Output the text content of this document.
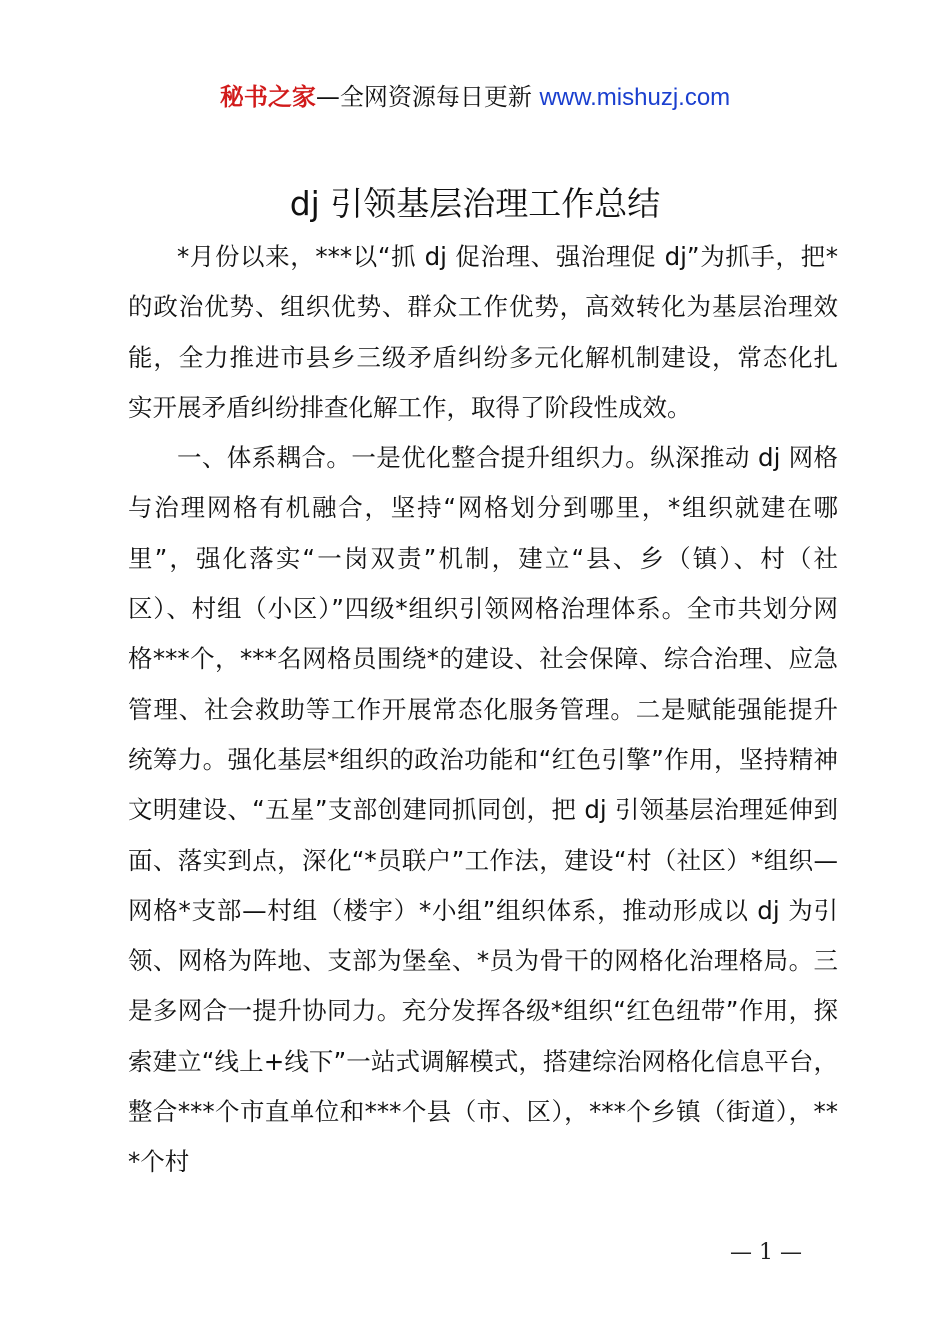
秘书之家—全网资源每日更新 www.mishuzj.com
dj 引领基层治理工作总结

*月份以来，***以“抓 dj 促治理、强治理促 dj”为抓手，把*的政治优势、组织优势、群众工作优势，高效转化为基层治理效能，全力推进市县乡三级矛盾纠纷多元化解机制建设，常态化扎实开展矛盾纠纷排查化解工作，取得了阶段性成效。

一、体系耦合。一是优化整合提升组织力。纵深推动 dj 网格与治理网格有机融合，坚持“网格划分到哪里，*组织就建在哪里”，强化落实“一岗双责”机制，建立“县、乡（镇）、村（社区）、村组（小区）”四级*组织引领网格治理体系。全市共划分网格***个，***名网格员围绕*的建设、社会保障、综合治理、应急管理、社会救助等工作开展常态化服务管理。二是赋能强能提升统筹力。强化基层*组织的政治功能和“红色引擎”作用，坚持精神文明建设、“五星”支部创建同抓同创，把 dj 引领基层治理延伸到面、落实到点，深化“*员联户”工作法，建设“村（社区）*组织—网格*支部—村组（楼宇）*小组”组织体系，推动形成以 dj 为引领、网格为阵地、支部为堡垒、*员为骨干的网格化治理格局。三是多网合一提升协同力。充分发挥各级*组织“红色纽带”作用，探索建立“线上+线下”一站式调解模式，搭建综治网格化信息平台，整合***个市直单位和***个县（市、区），***个乡镇（街道），***个村

— 1 —
